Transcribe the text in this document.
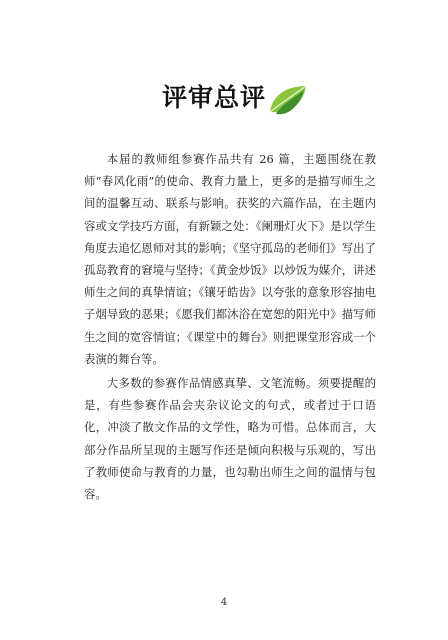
评审总评

本届的教师组参赛作品共有 26 篇，主题围绕在教师“春风化雨”的使命、教育力量上，更多的是描写师生之间的温馨互动、联系与影响。获奖的六篇作品，在主题内容或文学技巧方面，有新颖之处：《阑珊灯火下》是以学生角度去追忆恩师对其的影响；《坚守孤岛的老师们》写出了孤岛教育的窘境与坚持；《黄金炒饭》以炒饭为媒介，讲述师生之间的真挚情谊；《镶牙皓齿》以夸张的意象形容抽电子烟导致的恶果；《愿我们都沐浴在宽恕的阳光中》描写师生之间的宽容情谊；《课堂中的舞台》则把课堂形容成一个表演的舞台等。

大多数的参赛作品情感真挚、文笔流畅。须要提醒的是，有些参赛作品会夹杂议论文的句式，或者过于口语化，冲淡了散文作品的文学性，略为可惜。总体而言，大部分作品所呈现的主题写作还是倾向积极与乐观的，写出了教师使命与教育的力量，也勾勒出师生之间的温情与包容。

4
